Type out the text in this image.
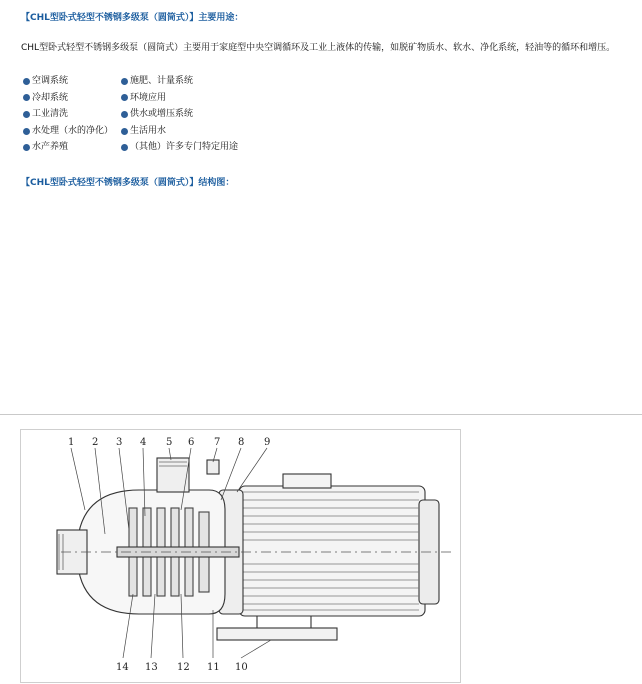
【CHL型卧式轻型不锈钢多级泵（圆筒式）】主要用途：
CHL型卧式轻型不锈钢多级泵（圆筒式）主要用于家庭型中央空调循环及工业上液体的传输，如脱矿物质水、软水、净化系统，轻油等的循环和增压。
空调系统	施肥、计量系统
冷却系统	环境应用
工业清洗	供水或增压系统
水处理（水的净化） 生活用水
水产养殖	（其他）许多专门特定用途
【CHL型卧式轻型不锈钢多级泵（圆筒式）】结构图：
1 2 3 4 5 6 7 8 9
14 13 12 11 10
